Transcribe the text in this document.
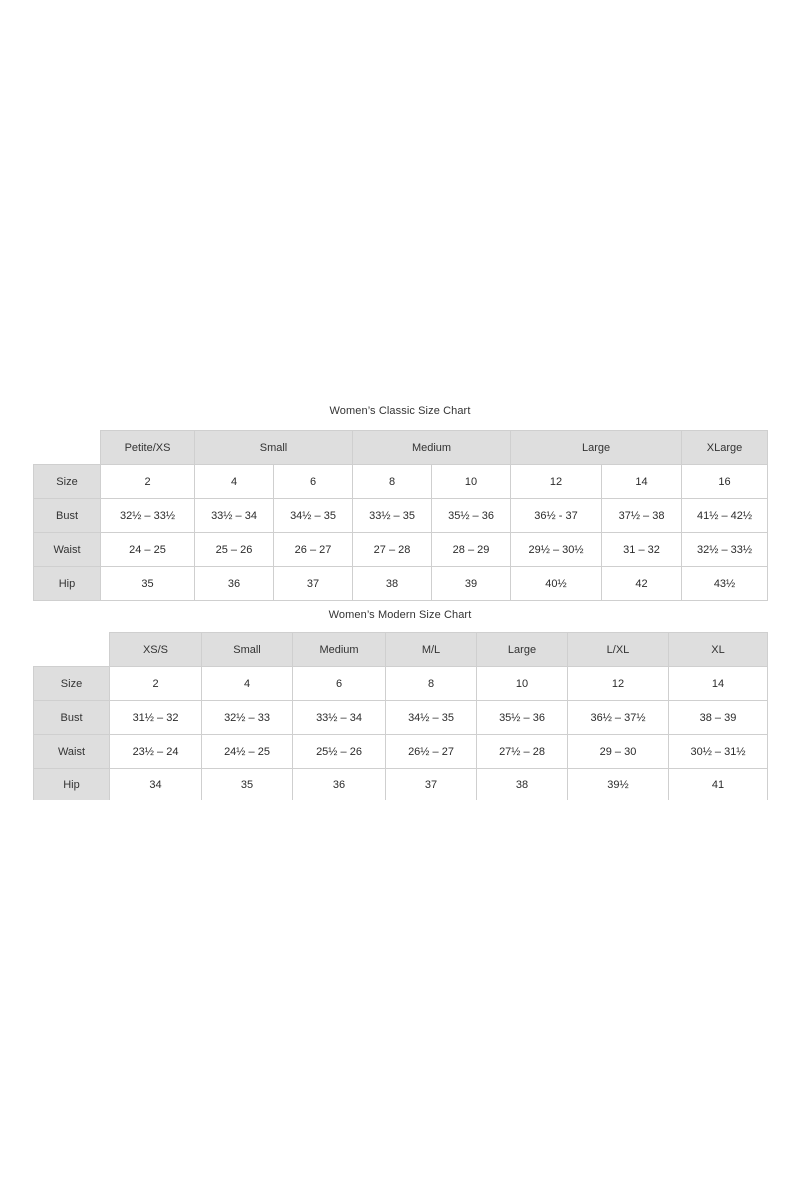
Women’s Classic Size Chart
	Petite/XS	Small		Medium		Large		XLarge
Size	2	4	6	8	10	12	14	16
Bust	32½ – 33½	33½ – 34	34½ – 35	33½ – 35	35½ – 36	36½ - 37	37½ – 38	41½ – 42½
Waist	24 – 25	25 – 26	26 – 27	27 – 28	28 – 29	29½ – 30½	31 – 32	32½ – 33½
Hip	35	36	37	38	39	40½	42	43½
Women’s Modern Size Chart
	XS/S	Small	Medium	M/L	Large	L/XL	XL
Size	2	4	6	8	10	12	14
Bust	31½ – 32	32½ – 33	33½ – 34	34½ – 35	35½ – 36	36½ – 37½	38 – 39
Waist	23½ – 24	24½ – 25	25½ – 26	26½ – 27	27½ – 28	29 – 30	30½ – 31½
Hip	34	35	36	37	38	39½	41
